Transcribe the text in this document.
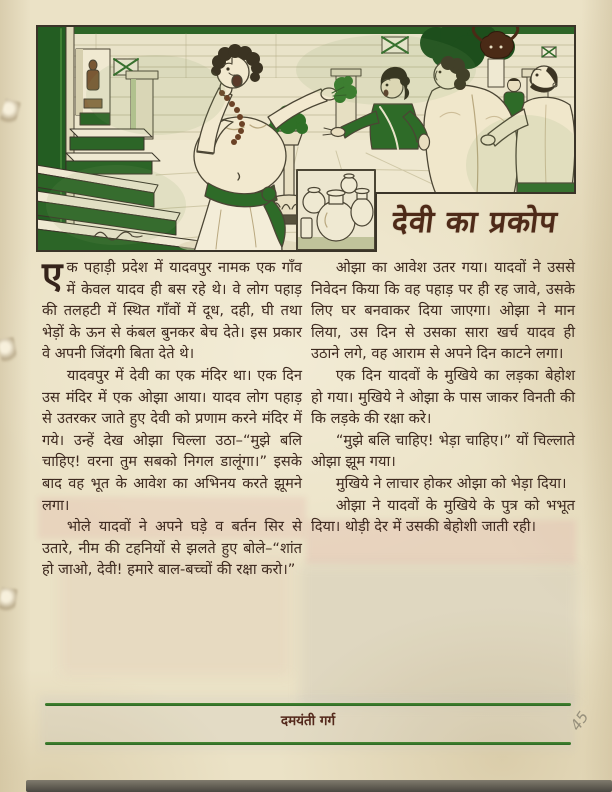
देवी का प्रकोप

एक पहाड़ी प्रदेश में यादवपुर नामक एक गाँव में केवल यादव ही बस रहे थे। वे लोग पहाड़ की तलहटी में स्थित गाँवों में दूध, दही, घी तथा भेड़ों के ऊन से कंबल बुनकर बेच देते। इस प्रकार वे अपनी जिंदगी बिता देते थे।

यादवपुर में देवी का एक मंदिर था। एक दिन उस मंदिर में एक ओझा आया। यादव लोग पहाड़ से उतरकर जाते हुए देवी को प्रणाम करने मंदिर में गये। उन्हें देख ओझा चिल्ला उठा–“मुझे बलि चाहिए! वरना तुम सबको निगल डालूंगा।” इसके बाद वह भूत के आवेश का अभिनय करते झूमने लगा।

भोले यादवों ने अपने घड़े व बर्तन सिर से उतारे, नीम की टहनियों से झलते हुए बोले–“शांत हो जाओ, देवी! हमारे बाल-बच्चों की रक्षा करो।”

ओझा का आवेश उतर गया। यादवों ने उससे निवेदन किया कि वह पहाड़ पर ही रह जावे, उसके लिए घर बनवाकर दिया जाएगा। ओझा ने मान लिया, उस दिन से उसका सारा खर्च यादव ही उठाने लगे, वह आराम से अपने दिन काटने लगा।

एक दिन यादवों के मुखिये का लड़का बेहोश हो गया। मुखिये ने ओझा के पास जाकर विनती की कि लड़के की रक्षा करे।

“मुझे बलि चाहिए! भेड़ा चाहिए।” यों चिल्लाते ओझा झूम गया।

मुखिये ने लाचार होकर ओझा को भेड़ा दिया।

ओझा ने यादवों के मुखिये के पुत्र को भभूत दिया। थोड़ी देर में उसकी बेहोशी जाती रही।

दमयंती गर्ग	45
